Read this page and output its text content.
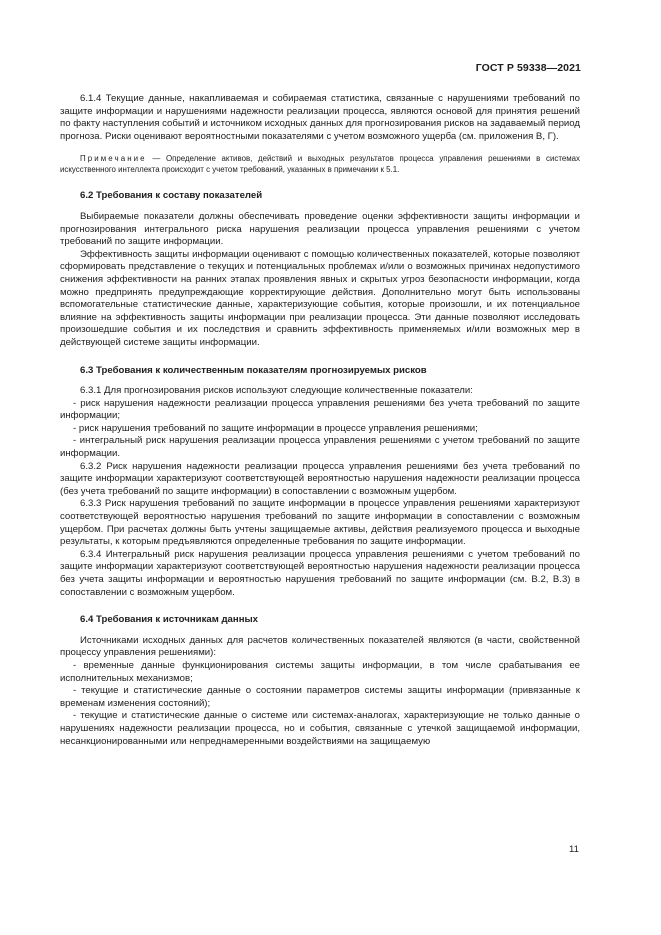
ГОСТ Р 59338—2021

6.1.4 Текущие данные, накапливаемая и собираемая статистика, связанные с нарушениями требований по защите информации и нарушениями надежности реализации процесса, являются основой для принятия решений по факту наступления событий и источником исходных данных для прогнозирования рисков на задаваемый период прогноза. Риски оценивают вероятностными показателями с учетом возможного ущерба (см. приложения В, Г).

Примечание — Определение активов, действий и выходных результатов процесса управления решениями в системах искусственного интеллекта происходит с учетом требований, указанных в примечании к 5.1.

6.2 Требования к составу показателей

Выбираемые показатели должны обеспечивать проведение оценки эффективности защиты информации и прогнозирования интегрального риска нарушения реализации процесса управления решениями с учетом требований по защите информации.

Эффективность защиты информации оценивают с помощью количественных показателей, которые позволяют сформировать представление о текущих и потенциальных проблемах и/или о возможных причинах недопустимого снижения эффективности на ранних этапах проявления явных и скрытых угроз безопасности информации, когда можно предпринять предупреждающие корректирующие действия. Дополнительно могут быть использованы вспомогательные статистические данные, характеризующие события, которые произошли, и их потенциальное влияние на эффективность защиты информации при реализации процесса. Эти данные позволяют исследовать произошедшие события и их последствия и сравнить эффективность применяемых и/или возможных мер в действующей системе защиты информации.

6.3 Требования к количественным показателям прогнозируемых рисков

6.3.1 Для прогнозирования рисков используют следующие количественные показатели:

- риск нарушения надежности реализации процесса управления решениями без учета требований по защите информации;

- риск нарушения требований по защите информации в процессе управления решениями;

- интегральный риск нарушения реализации процесса управления решениями с учетом требований по защите информации.

6.3.2 Риск нарушения надежности реализации процесса управления решениями без учета требований по защите информации характеризуют соответствующей вероятностью нарушения надежности реализации процесса (без учета требований по защите информации) в сопоставлении с возможным ущербом.

6.3.3 Риск нарушения требований по защите информации в процессе управления решениями характеризуют соответствующей вероятностью нарушения требований по защите информации в сопоставлении с возможным ущербом. При расчетах должны быть учтены защищаемые активы, действия реализуемого процесса и выходные результаты, к которым предъявляются определенные требования по защите информации.

6.3.4 Интегральный риск нарушения реализации процесса управления решениями с учетом требований по защите информации характеризуют соответствующей вероятностью нарушения надежности реализации процесса без учета защиты информации и вероятностью нарушения требований по защите информации (см. В.2, В.3) в сопоставлении с возможным ущербом.

6.4 Требования к источникам данных

Источниками исходных данных для расчетов количественных показателей являются (в части, свойственной процессу управления решениями):

- временные данные функционирования системы защиты информации, в том числе срабатывания ее исполнительных механизмов;

- текущие и статистические данные о состоянии параметров системы защиты информации (привязанные к временам изменения состояний);

- текущие и статистические данные о системе или системах-аналогах, характеризующие не только данные о нарушениях надежности реализации процесса, но и события, связанные с утечкой защищаемой информации, несанкционированными или непреднамеренными воздействиями на защищаемую

11
